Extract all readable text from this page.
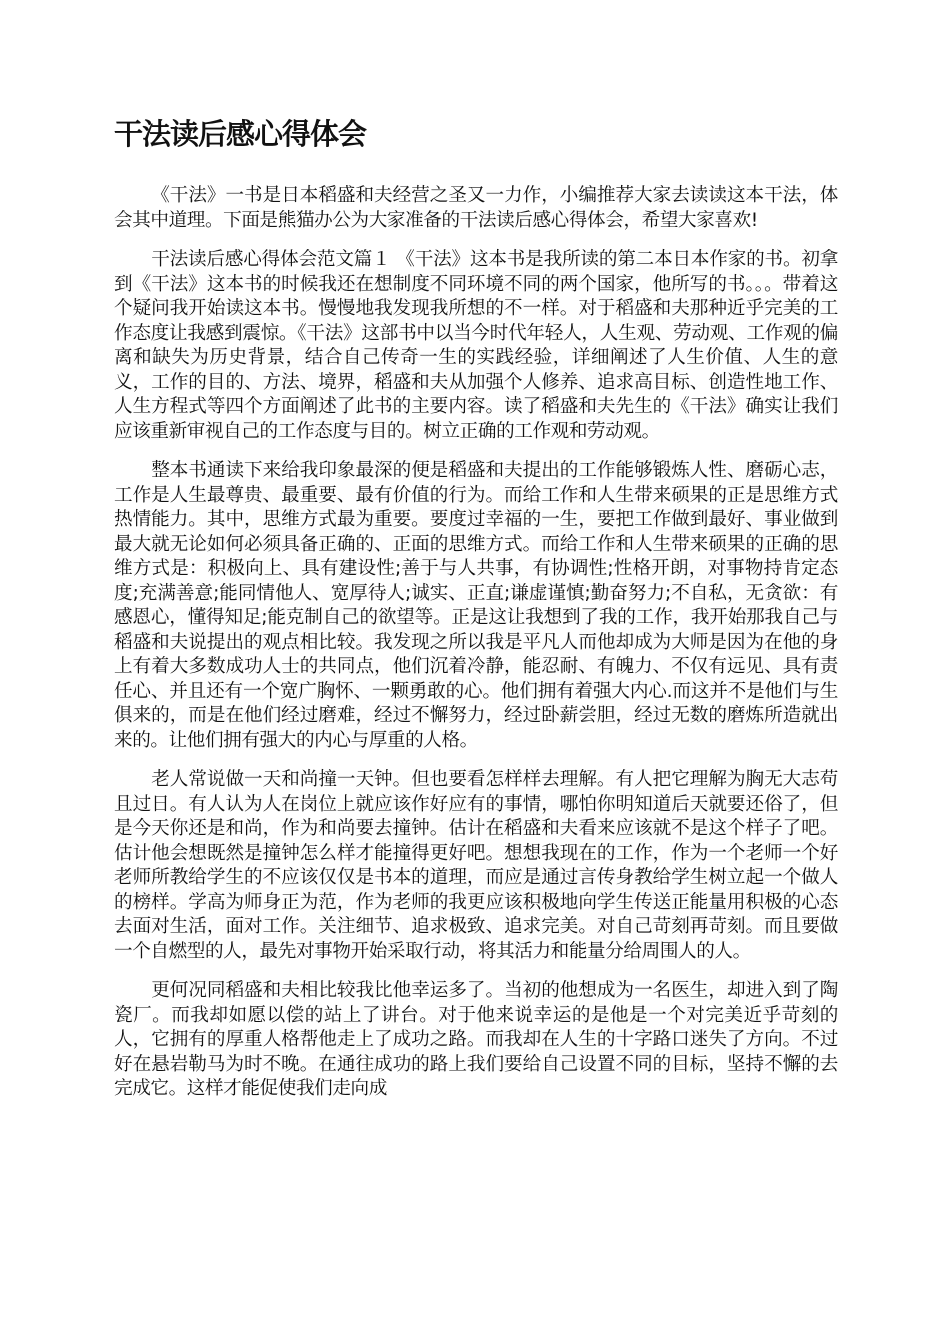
干法读后感心得体会

《干法》一书是日本稻盛和夫经营之圣又一力作，小编推荐大家去读读这本干法，体会其中道理。下面是熊猫办公为大家准备的干法读后感心得体会，希望大家喜欢!

干法读后感心得体会范文篇１ 《干法》这本书是我所读的第二本日本作家的书。初拿到《干法》这本书的时候我还在想制度不同环境不同的两个国家，他所写的书。。。带着这个疑问我开始读这本书。慢慢地我发现我所想的不一样。对于稻盛和夫那种近乎完美的工作态度让我感到震惊。《干法》这部书中以当今时代年轻人，人生观、劳动观、工作观的偏离和缺失为历史背景，结合自己传奇一生的实践经验，详细阐述了人生价值、人生的意义，工作的目的、方法、境界，稻盛和夫从加强个人修养、追求高目标、创造性地工作、人生方程式等四个方面阐述了此书的主要内容。读了稻盛和夫先生的《干法》确实让我们应该重新审视自己的工作态度与目的。树立正确的工作观和劳动观。

整本书通读下来给我印象最深的便是稻盛和夫提出的工作能够锻炼人性、磨砺心志，工作是人生最尊贵、最重要、最有价值的行为。而给工作和人生带来硕果的正是思维方式热情能力。其中，思维方式最为重要。要度过幸福的一生，要把工作做到最好、事业做到最大就无论如何必须具备正确的、正面的思维方式。而给工作和人生带来硕果的正确的思维方式是：积极向上、具有建设性;善于与人共事，有协调性;性格开朗，对事物持肯定态度;充满善意;能同情他人、宽厚待人;诚实、正直;谦虚谨慎;勤奋努力;不自私，无贪欲：有感恩心，懂得知足;能克制自己的欲望等。正是这让我想到了我的工作，我开始那我自己与稻盛和夫说提出的观点相比较。我发现之所以我是平凡人而他却成为大师是因为在他的身上有着大多数成功人士的共同点，他们沉着冷静，能忍耐、有魄力、不仅有远见、具有责任心、并且还有一个宽广胸怀、一颗勇敢的心。他们拥有着强大内心.而这并不是他们与生俱来的，而是在他们经过磨难，经过不懈努力，经过卧薪尝胆，经过无数的磨炼所造就出来的。让他们拥有强大的内心与厚重的人格。

老人常说做一天和尚撞一天钟。但也要看怎样样去理解。有人把它理解为胸无大志苟且过日。有人认为人在岗位上就应该作好应有的事情，哪怕你明知道后天就要还俗了，但是今天你还是和尚，作为和尚要去撞钟。估计在稻盛和夫看来应该就不是这个样子了吧。估计他会想既然是撞钟怎么样才能撞得更好吧。想想我现在的工作，作为一个老师一个好老师所教给学生的不应该仅仅是书本的道理，而应是通过言传身教给学生树立起一个做人的榜样。学高为师身正为范，作为老师的我更应该积极地向学生传送正能量用积极的心态去面对生活，面对工作。关注细节、追求极致、追求完美。对自己苛刻再苛刻。而且要做一个自燃型的人，最先对事物开始采取行动，将其活力和能量分给周围人的人。

更何况同稻盛和夫相比较我比他幸运多了。当初的他想成为一名医生，却进入到了陶瓷厂。而我却如愿以偿的站上了讲台。对于他来说幸运的是他是一个对完美近乎苛刻的人，它拥有的厚重人格帮他走上了成功之路。而我却在人生的十字路口迷失了方向。不过好在悬岩勒马为时不晚。在通往成功的路上我们要给自己设置不同的目标，坚持不懈的去完成它。这样才能促使我们走向成
